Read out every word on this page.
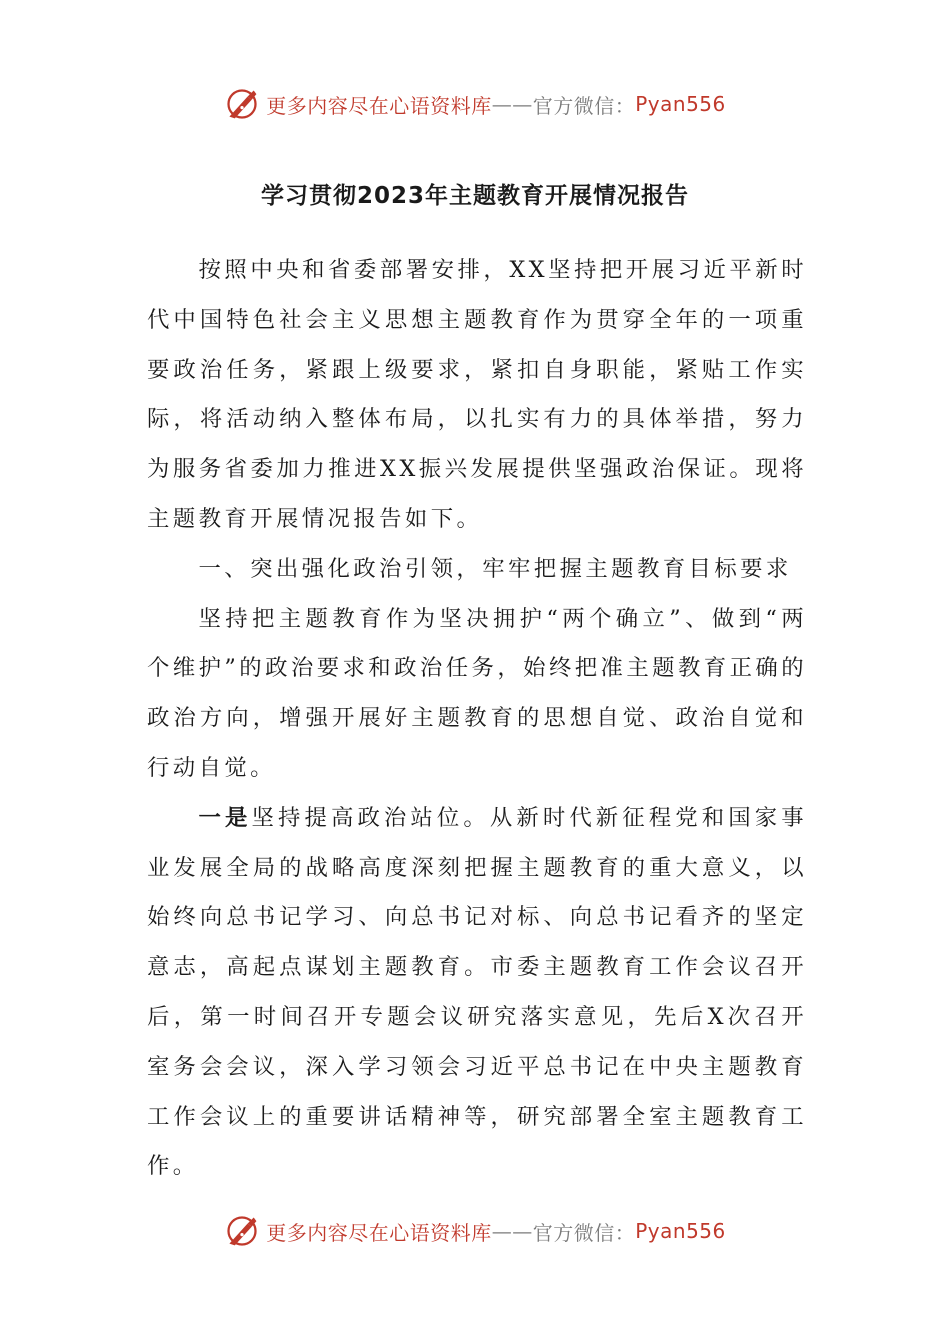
更多内容尽在心语资料库 —— 官方微信： Pyan556
学习贯彻2023年主题教育开展情况报告

按照中央和省委部署安排，XX坚持把开展习近平新时代中国特色社会主义思想主题教育作为贯穿全年的一项重要政治任务，紧跟上级要求，紧扣自身职能，紧贴工作实际，将活动纳入整体布局，以扎实有力的具体举措，努力为服务省委加力推进XX振兴发展提供坚强政治保证。现将主题教育开展情况报告如下。

一、突出强化政治引领，牢牢把握主题教育目标要求

坚持把主题教育作为坚决拥护“两个确立”、做到“两个维护”的政治要求和政治任务，始终把准主题教育正确的政治方向，增强开展好主题教育的思想自觉、政治自觉和行动自觉。

一是坚持提高政治站位。从新时代新征程党和国家事业发展全局的战略高度深刻把握主题教育的重大意义，以始终向总书记学习、向总书记对标、向总书记看齐的坚定意志，高起点谋划主题教育。市委主题教育工作会议召开后，第一时间召开专题会议研究落实意见，先后X次召开室务会会议，深入学习领会习近平总书记在中央主题教育工作会议上的重要讲话精神等，研究部署全室主题教育工作。

更多内容尽在心语资料库 —— 官方微信： Pyan556
